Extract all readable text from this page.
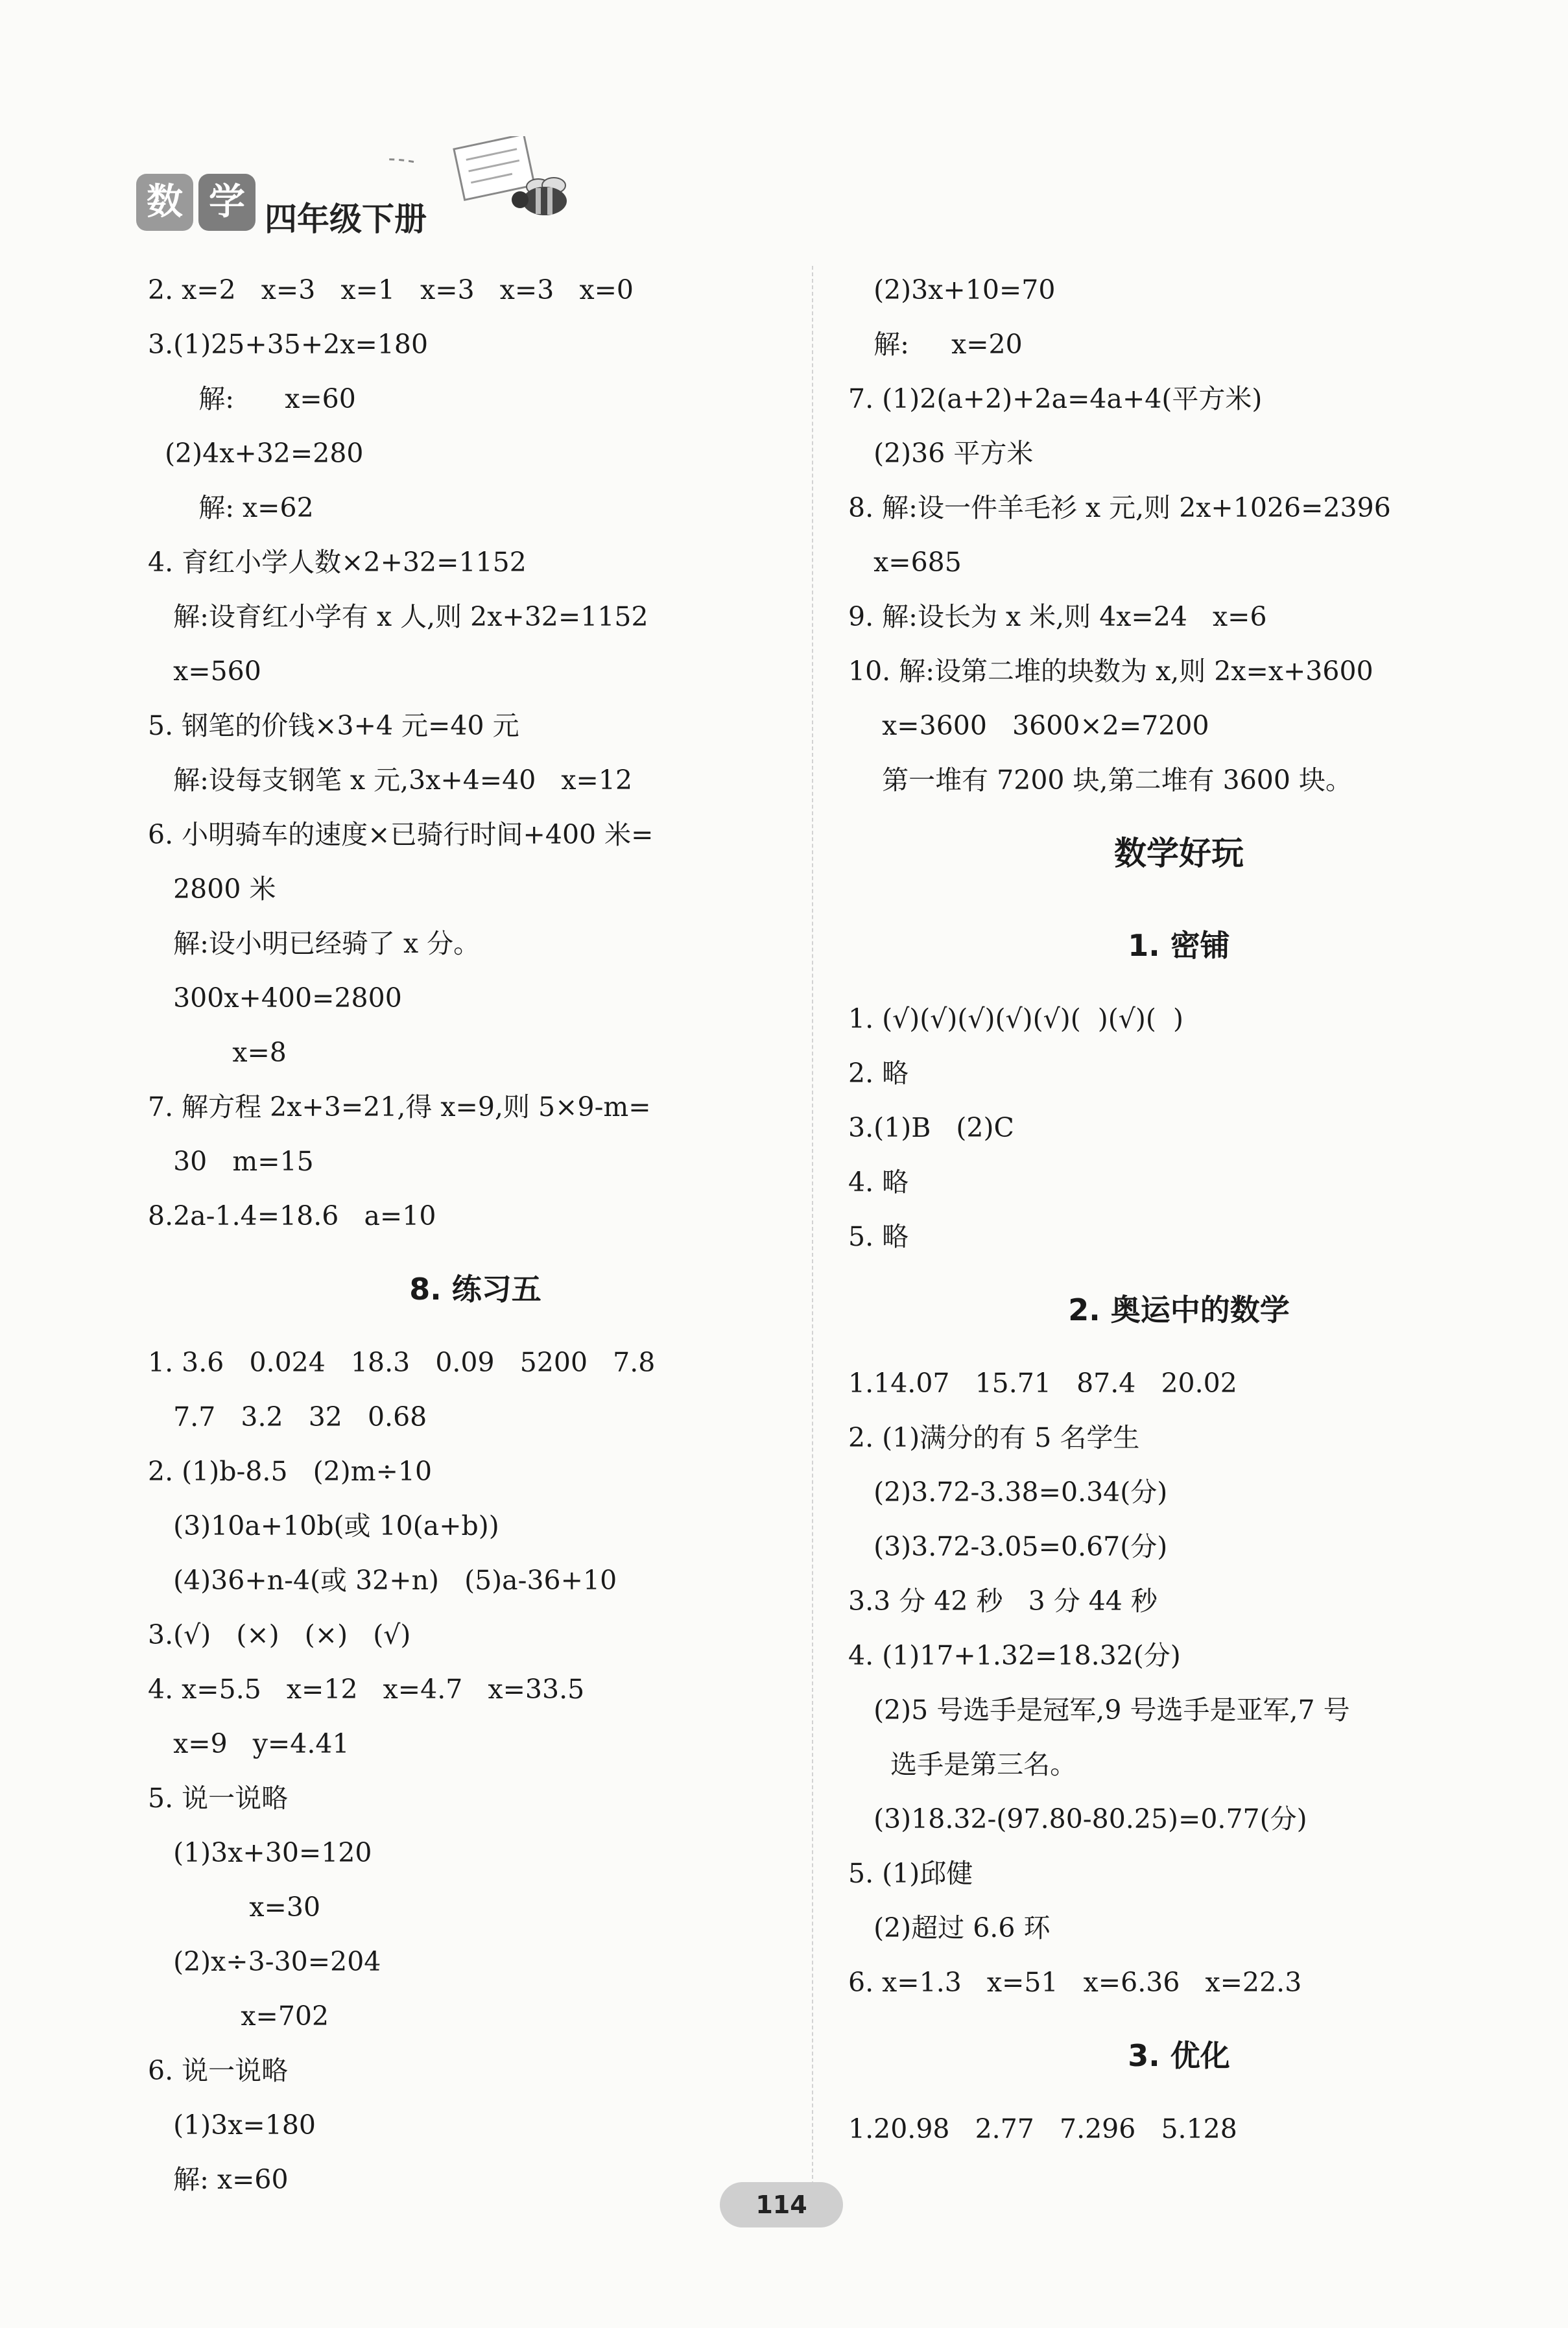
数 学 四年级下册
2. x=2   x=3   x=1   x=3   x=3   x=0
3.(1)25+35+2x=180
解:      x=60
(2)4x+32=280
解: x=62
4. 育红小学人数×2+32=1152
解:设育红小学有 x 人,则 2x+32=1152
x=560
5. 钢笔的价钱×3+4 元=40 元
解:设每支钢笔 x 元,3x+4=40   x=12
6. 小明骑车的速度×已骑行时间+400 米=
2800 米
解:设小明已经骑了 x 分。
300x+400=2800
x=8
7. 解方程 2x+3=21,得 x=9,则 5×9-m=
30   m=15
8.2a-1.4=18.6   a=10
8. 练习五
1. 3.6   0.024   18.3   0.09   5200   7.8
7.7   3.2   32   0.68
2. (1)b-8.5   (2)m÷10
(3)10a+10b(或 10(a+b))
(4)36+n-4(或 32+n)   (5)a-36+10
3.(√)   (×)   (×)   (√)
4. x=5.5   x=12   x=4.7   x=33.5
x=9   y=4.41
5. 说一说略
(1)3x+30=120
x=30
(2)x÷3-30=204
x=702
6. 说一说略
(1)3x=180
解: x=60
(2)3x+10=70
解:     x=20
7. (1)2(a+2)+2a=4a+4(平方米)
(2)36 平方米
8. 解:设一件羊毛衫 x 元,则 2x+1026=2396
x=685
9. 解:设长为 x 米,则 4x=24   x=6
10. 解:设第二堆的块数为 x,则 2x=x+3600
x=3600   3600×2=7200
第一堆有 7200 块,第二堆有 3600 块。
数学好玩
1. 密铺
1. (√)(√)(√)(√)(√)(  )(√)(  )
2. 略
3.(1)B   (2)C
4. 略
5. 略
2. 奥运中的数学
1.14.07   15.71   87.4   20.02
2. (1)满分的有 5 名学生
(2)3.72-3.38=0.34(分)
(3)3.72-3.05=0.67(分)
3.3 分 42 秒   3 分 44 秒
4. (1)17+1.32=18.32(分)
(2)5 号选手是冠军,9 号选手是亚军,7 号
选手是第三名。
(3)18.32-(97.80-80.25)=0.77(分)
5. (1)邱健
(2)超过 6.6 环
6. x=1.3   x=51   x=6.36   x=22.3
3. 优化
1.20.98   2.77   7.296   5.128
114
